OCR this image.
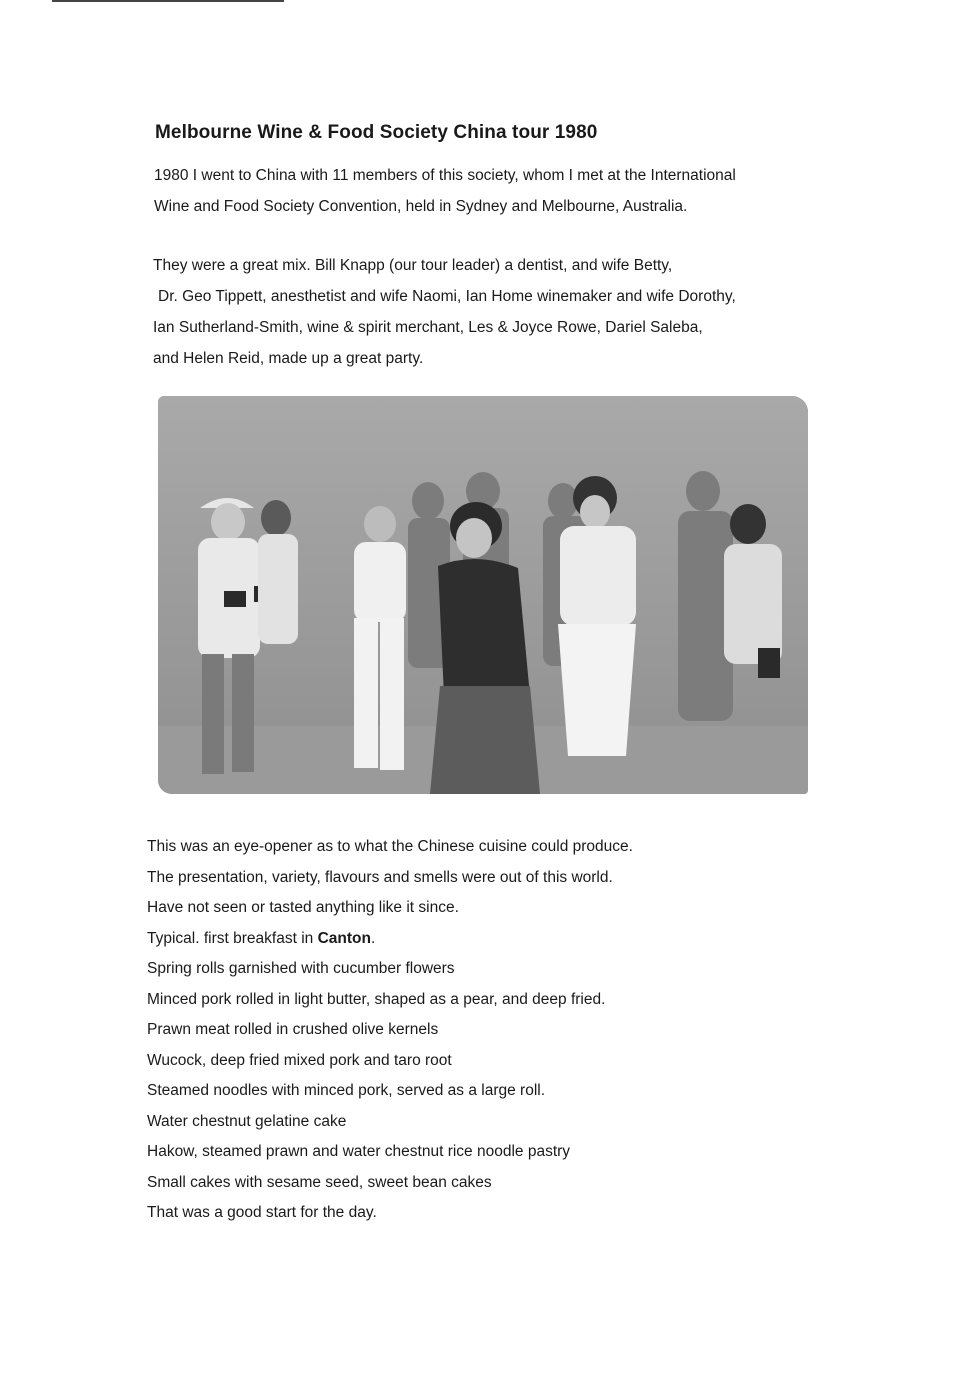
Melbourne Wine & Food Society China tour 1980

1980 I went to China with 11 members of this society, whom I met at the International
Wine and Food Society Convention, held in Sydney and Melbourne, Australia.

They were a great mix. Bill Knapp (our tour leader) a dentist, and wife Betty,
Dr. Geo Tippett, anesthetist and wife Naomi, Ian Home winemaker and wife Dorothy,
Ian Sutherland-Smith, wine & spirit merchant, Les & Joyce Rowe, Dariel Saleba,
and Helen Reid, made up a great party.

This was an eye-opener as to what the Chinese cuisine could produce.
The presentation, variety, flavours and smells were out of this world.
Have not seen or tasted anything like it since.
Typical. first breakfast in Canton.
Spring rolls garnished with cucumber flowers
Minced pork rolled in light butter, shaped as a pear, and deep fried.
Prawn meat rolled in crushed olive kernels
Wucock, deep fried mixed pork and taro root
Steamed noodles with minced pork, served as a large roll.
Water chestnut gelatine cake
Hakow, steamed prawn and water chestnut rice noodle pastry
Small cakes with sesame seed, sweet bean cakes
That was a good start for the day.
